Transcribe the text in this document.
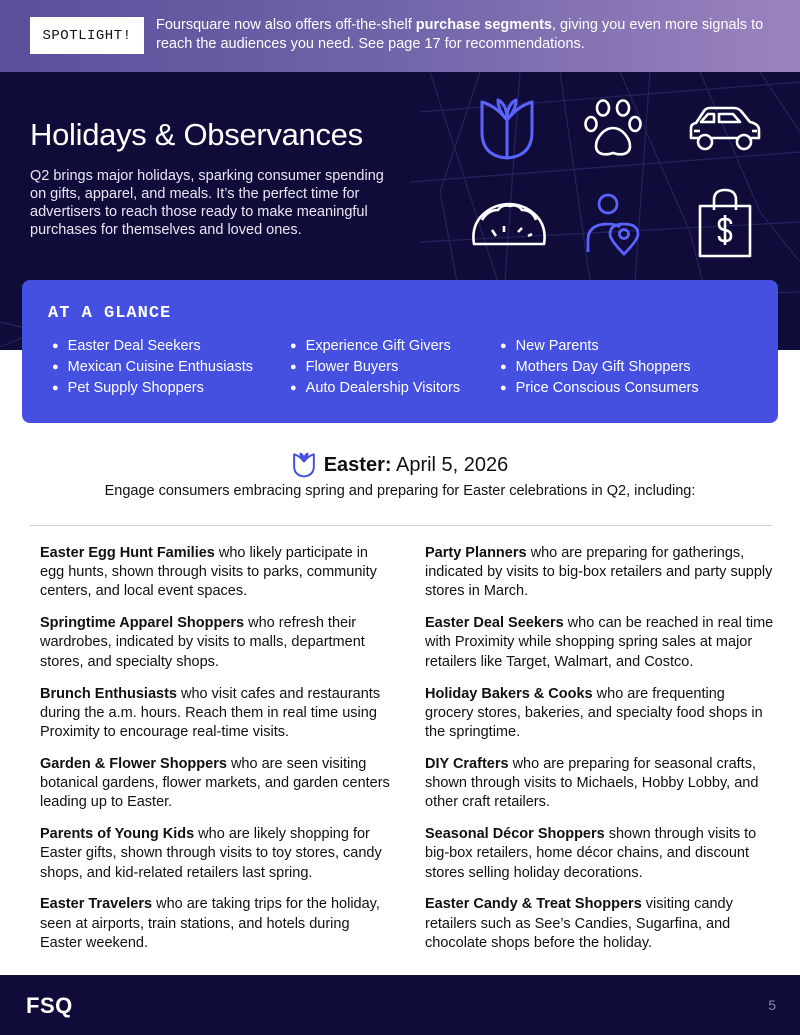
SPOTLIGHT!
Foursquare now also offers off-the-shelf purchase segments, giving you even more signals to reach the audiences you need. See page 17 for recommendations.
Holidays & Observances

Q2 brings major holidays, sparking consumer spending on gifts, apparel, and meals. It’s the perfect time for advertisers to reach those ready to make meaningful purchases for themselves and loved ones.

AT A GLANCE
● Easter Deal Seekers
● Mexican Cuisine Enthusiasts
● Pet Supply Shoppers
● Experience Gift Givers
● Flower Buyers
● Auto Dealership Visitors
● New Parents
● Mothers Day Gift Shoppers
● Price Conscious Consumers
Easter: April 5, 2026
Engage consumers embracing spring and preparing for Easter celebrations in Q2, including:
Easter Egg Hunt Families who likely participate in egg hunts, shown through visits to parks, community centers, and local event spaces.
Springtime Apparel Shoppers who refresh their wardrobes, indicated by visits to malls, department stores, and specialty shops.
Brunch Enthusiasts who visit cafes and restaurants during the a.m. hours. Reach them in real time using Proximity to encourage real-time visits.
Garden & Flower Shoppers who are seen visiting botanical gardens, flower markets, and garden centers leading up to Easter.
Parents of Young Kids who are likely shopping for Easter gifts, shown through visits to toy stores, candy shops, and kid-related retailers last spring.
Easter Travelers who are taking trips for the holiday, seen at airports, train stations, and hotels during Easter weekend.
Party Planners who are preparing for gatherings, indicated by visits to big-box retailers and party supply stores in March.
Easter Deal Seekers who can be reached in real time with Proximity while shopping spring sales at major retailers like Target, Walmart, and Costco.
Holiday Bakers & Cooks who are frequenting grocery stores, bakeries, and specialty food shops in the springtime.
DIY Crafters who are preparing for seasonal crafts, shown through visits to Michaels, Hobby Lobby, and other craft retailers.
Seasonal Décor Shoppers shown through visits to big-box retailers, home décor chains, and discount stores selling holiday decorations.
Easter Candy & Treat Shoppers visiting candy retailers such as See’s Candies, Sugarfina, and chocolate shops before the holiday.
FSQ	5
